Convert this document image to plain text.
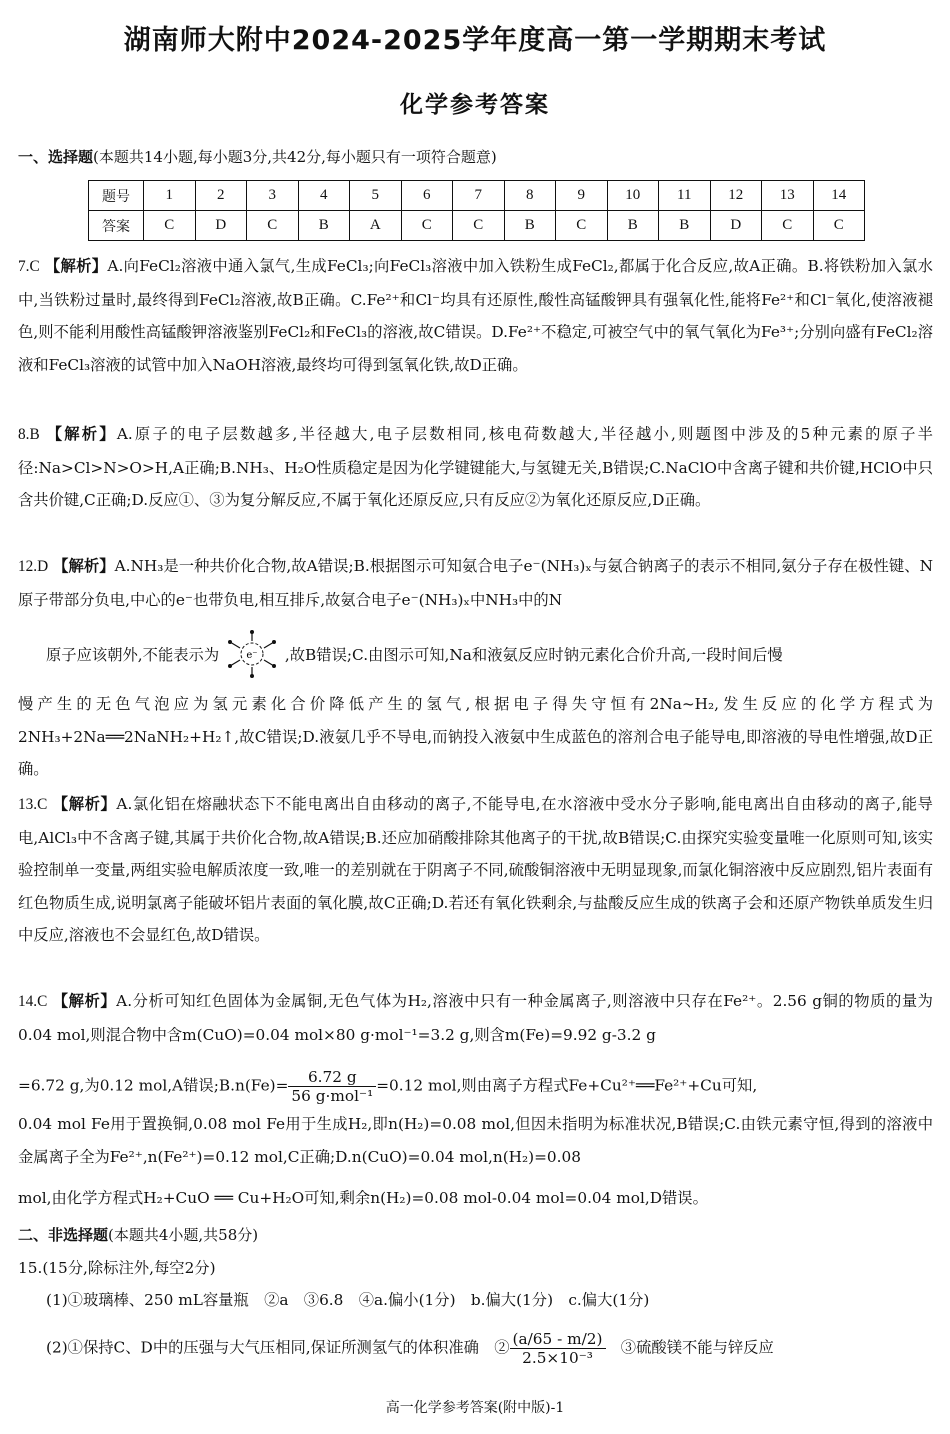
湖南师大附中2024-2025学年度高一第一学期期末考试
化学参考答案
一、选择题(本题共14小题,每小题3分,共42分,每小题只有一项符合题意)
题号	1	2	3	4	5	6	7	8	9	10	11	12	13	14
答案	C	D	C	B	A	C	C	B	C	B	B	D	C	C
7.C 【解析】A.向FeCl₂溶液中通入氯气,生成FeCl₃;向FeCl₃溶液中加入铁粉生成FeCl₂,都属于化合反应,故A正确。B.将铁粉加入氯水中,当铁粉过量时,最终得到FeCl₂溶液,故B正确。C.Fe²⁺和Cl⁻均具有还原性,酸性高锰酸钾具有强氧化性,能将Fe²⁺和Cl⁻氧化,使溶液褪色,则不能利用酸性高锰酸钾溶液鉴别FeCl₂和FeCl₃的溶液,故C错误。D.Fe²⁺不稳定,可被空气中的氧气氧化为Fe³⁺;分别向盛有FeCl₂溶液和FeCl₃溶液的试管中加入NaOH溶液,最终均可得到氢氧化铁,故D正确。
8.B 【解析】A.原子的电子层数越多,半径越大,电子层数相同,核电荷数越大,半径越小,则题图中涉及的5种元素的原子半径:Na>Cl>N>O>H,A正确;B.NH₃、H₂O性质稳定是因为化学键键能大,与氢键无关,B错误;C.NaClO中含离子键和共价键,HClO中只含共价键,C正确;D.反应①、③为复分解反应,不属于氧化还原反应,只有反应②为氧化还原反应,D正确。
12.D 【解析】A.NH₃是一种共价化合物,故A错误;B.根据图示可知氨合电子e⁻(NH₃)ₓ与氨合钠离子的表示不相同,氨分子存在极性键、N原子带部分负电,中心的e⁻也带负电,相互排斥,故氨合电子e⁻(NH₃)ₓ中NH₃中的N
原子应该朝外,不能表示为	e⁻ ,故B错误;C.由图示可知,Na和液氨反应时钠元素化合价升高,一段时间后慢
慢产生的无色气泡应为氢元素化合价降低产生的氢气,根据电子得失守恒有2Na~H₂,发生反应的化学方程式为2NH₃+2Na══2NaNH₂+H₂↑,故C错误;D.液氨几乎不导电,而钠投入液氨中生成蓝色的溶剂合电子能导电,即溶液的导电性增强,故D正确。
13.C 【解析】A.氯化铝在熔融状态下不能电离出自由移动的离子,不能导电,在水溶液中受水分子影响,能电离出自由移动的离子,能导电,AlCl₃中不含离子键,其属于共价化合物,故A错误;B.还应加硝酸排除其他离子的干扰,故B错误;C.由探究实验变量唯一化原则可知,该实验控制单一变量,两组实验电解质浓度一致,唯一的差别就在于阴离子不同,硫酸铜溶液中无明显现象,而氯化铜溶液中反应剧烈,铝片表面有红色物质生成,说明氯离子能破坏铝片表面的氧化膜,故C正确;D.若还有氧化铁剩余,与盐酸反应生成的铁离子会和还原产物铁单质发生归中反应,溶液也不会显红色,故D错误。
14.C 【解析】A.分析可知红色固体为金属铜,无色气体为H₂,溶液中只有一种金属离子,则溶液中只存在Fe²⁺。2.56 g铜的物质的量为0.04 mol,则混合物中含m(CuO)=0.04 mol×80 g·mol⁻¹=3.2 g,则含m(Fe)=9.92 g-3.2 g
=6.72 g,为0.12 mol,A错误;B.n(Fe)= $\frac{6.72 g}{\text{56 g·mol⁻¹}} =0.12$ mol,则由离子方程式Fe+Cu²⁺══Fe²⁺+Cu可知,
0.04 mol Fe用于置换铜,0.08 mol Fe用于生成H₂,即n(H₂)=0.08 mol,但因未指明为标准状况,B错误;C.由铁元素守恒,得到的溶液中金属离子全为Fe²⁺,n(Fe²⁺)=0.12 mol,C正确;D.n(CuO)=0.04 mol,n(H₂)=0.08
mol,由化学方程式H₂+CuO ══ Cu+H₂O可知,剩余n(H₂)=0.08 mol-0.04 mol=0.04 mol,D错误。
二、非选择题(本题共4小题,共58分)
15.(15分,除标注外,每空2分)
(1)①玻璃棒、250 mL容量瓶　②a　③6.8　④a.偏小(1分)　b.偏大(1分)　c.偏大(1分)
(2)①保持C、D中的压强与大气压相同,保证所测氢气的体积准确　② $\frac{(a/65 - m/2)}{\text{2.5×10⁻³}}$ 　③硫酸镁不能与锌反应
高一化学参考答案(附中版)-1
